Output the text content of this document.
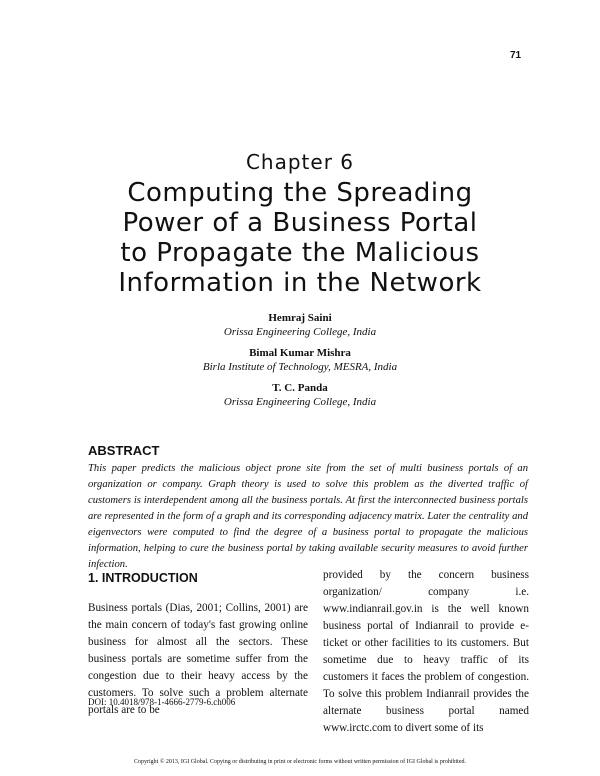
71
Chapter 6
Computing the Spreading
Power of a Business Portal
to Propagate the Malicious
Information in the Network
Hemraj Saini
Orissa Engineering College, India
Bimal Kumar Mishra
Birla Institute of Technology, MESRA, India
T. C. Panda
Orissa Engineering College, India
ABSTRACT
This paper predicts the malicious object prone site from the set of multi business portals of an organization or company. Graph theory is used to solve this problem as the diverted traffic of customers is interdependent among all the business portals. At first the interconnected business portals are represented in the form of a graph and its corresponding adjacency matrix. Later the centrality and eigenvectors were computed to find the degree of a business portal to propagate the malicious information, helping to cure the business portal by taking available security measures to avoid further infection.
1. INTRODUCTION
Business portals (Dias, 2001; Collins, 2001) are the main concern of today's fast growing online business for almost all the sectors. These business portals are sometime suffer from the congestion due to their heavy access by the customers. To solve such a problem alternate portals are to be
provided by the concern business organization/ company i.e. www.indianrail.gov.in is the well known business portal of Indianrail to provide e-ticket or other facilities to its customers. But sometime due to heavy traffic of its customers it faces the problem of congestion. To solve this problem Indianrail provides the alternate business portal named www.irctc.com to divert some of its
DOI: 10.4018/978-1-4666-2779-6.ch006
Copyright © 2013, IGI Global. Copying or distributing in print or electronic forms without written permission of IGI Global is prohibited.
